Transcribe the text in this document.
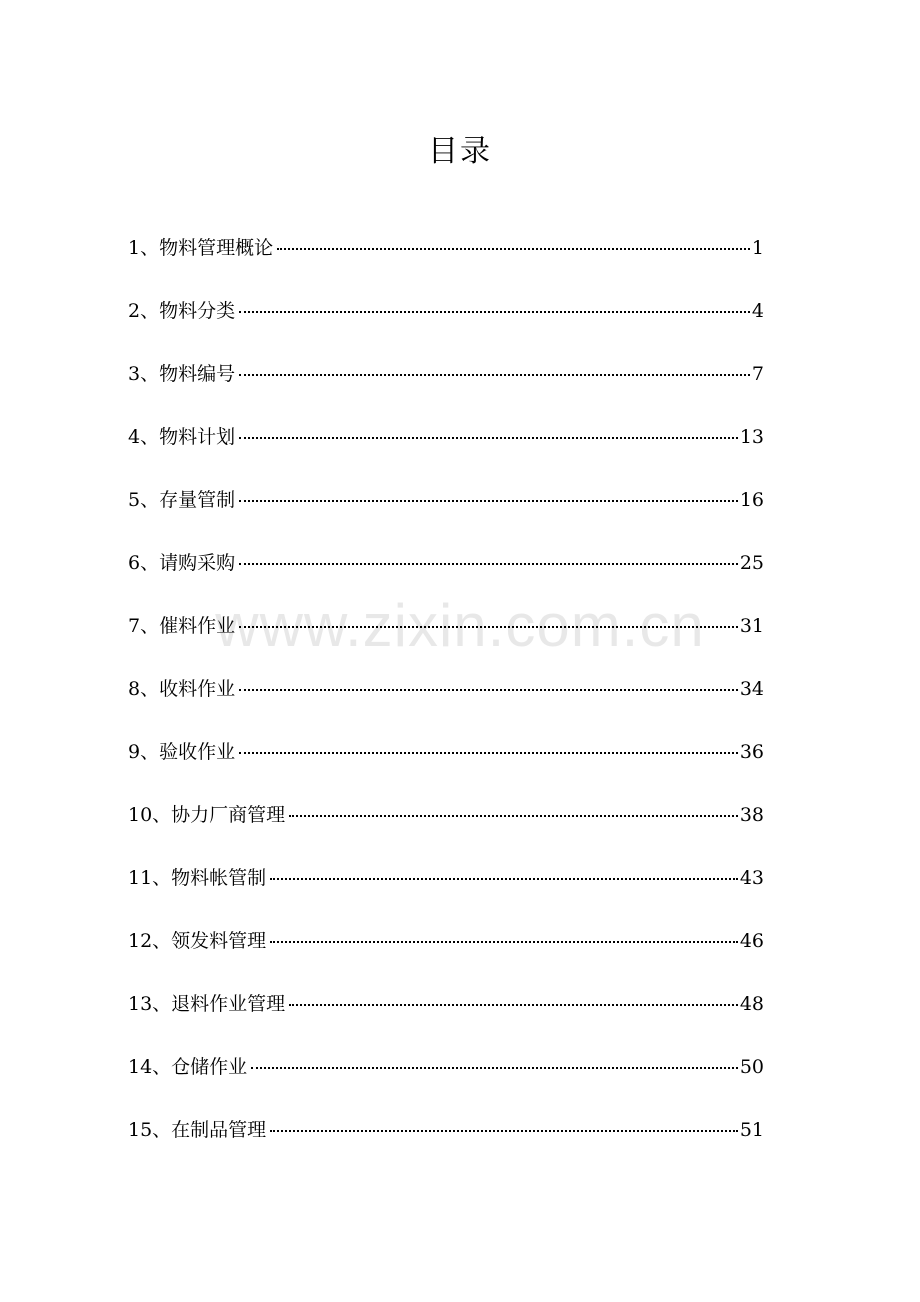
目录
1、物料管理概论	1
2、物料分类	4
3、物料编号	7
4、物料计划	13
5、存量管制	16
6、请购采购	25
7、催料作业	31
8、收料作业	34
9、验收作业	36
10、协力厂商管理	38
11、物料帐管制	43
12、领发料管理	46
13、退料作业管理	48
14、仓储作业	50
15、在制品管理	51
www.zixin.com.cn
